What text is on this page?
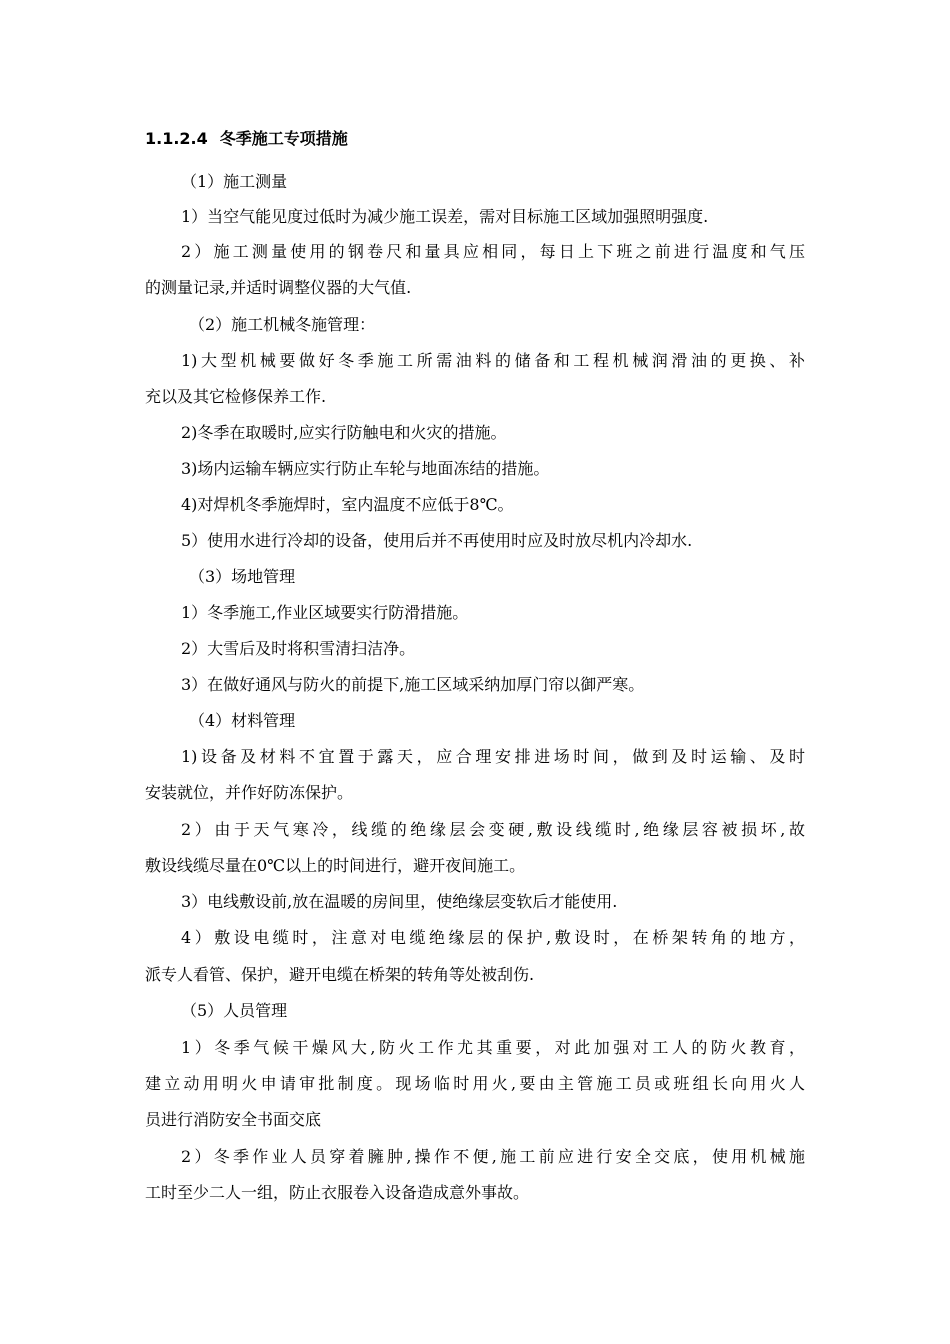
1.1.2.4 冬季施工专项措施
（1）施工测量
1）当空气能见度过低时为减少施工误差，需对目标施工区域加强照明强度.
2）施工测量使用的钢卷尺和量具应相同，每日上下班之前进行温度和气压
的测量记录,并适时调整仪器的大气值.
（2）施工机械冬施管理：
1)大型机械要做好冬季施工所需油料的储备和工程机械润滑油的更换、补
充以及其它检修保养工作.
2)冬季在取暖时,应实行防触电和火灾的措施。
3)场内运输车辆应实行防止车轮与地面冻结的措施。
4)对焊机冬季施焊时，室内温度不应低于8℃。
5）使用水进行冷却的设备，使用后并不再使用时应及时放尽机内冷却水.
（3）场地管理
1）冬季施工,作业区域要实行防滑措施。
2）大雪后及时将积雪清扫洁净。
3）在做好通风与防火的前提下,施工区域采纳加厚门帘以御严寒。
（4）材料管理
1)设备及材料不宜置于露天，应合理安排进场时间，做到及时运输、及时
安装就位，并作好防冻保护。
2）由于天气寒冷，线缆的绝缘层会变硬,敷设线缆时,绝缘层容被损坏,故
敷设线缆尽量在0℃以上的时间进行，避开夜间施工。
3）电线敷设前,放在温暖的房间里，使绝缘层变软后才能使用.
4）敷设电缆时，注意对电缆绝缘层的保护,敷设时，在桥架转角的地方，
派专人看管、保护，避开电缆在桥架的转角等处被刮伤.
（5）人员管理
1）冬季气候干燥风大,防火工作尤其重要，对此加强对工人的防火教育，
建立动用明火申请审批制度。现场临时用火,要由主管施工员或班组长向用火人
员进行消防安全书面交底
2）冬季作业人员穿着臃肿,操作不便,施工前应进行安全交底，使用机械施
工时至少二人一组，防止衣服卷入设备造成意外事故。
